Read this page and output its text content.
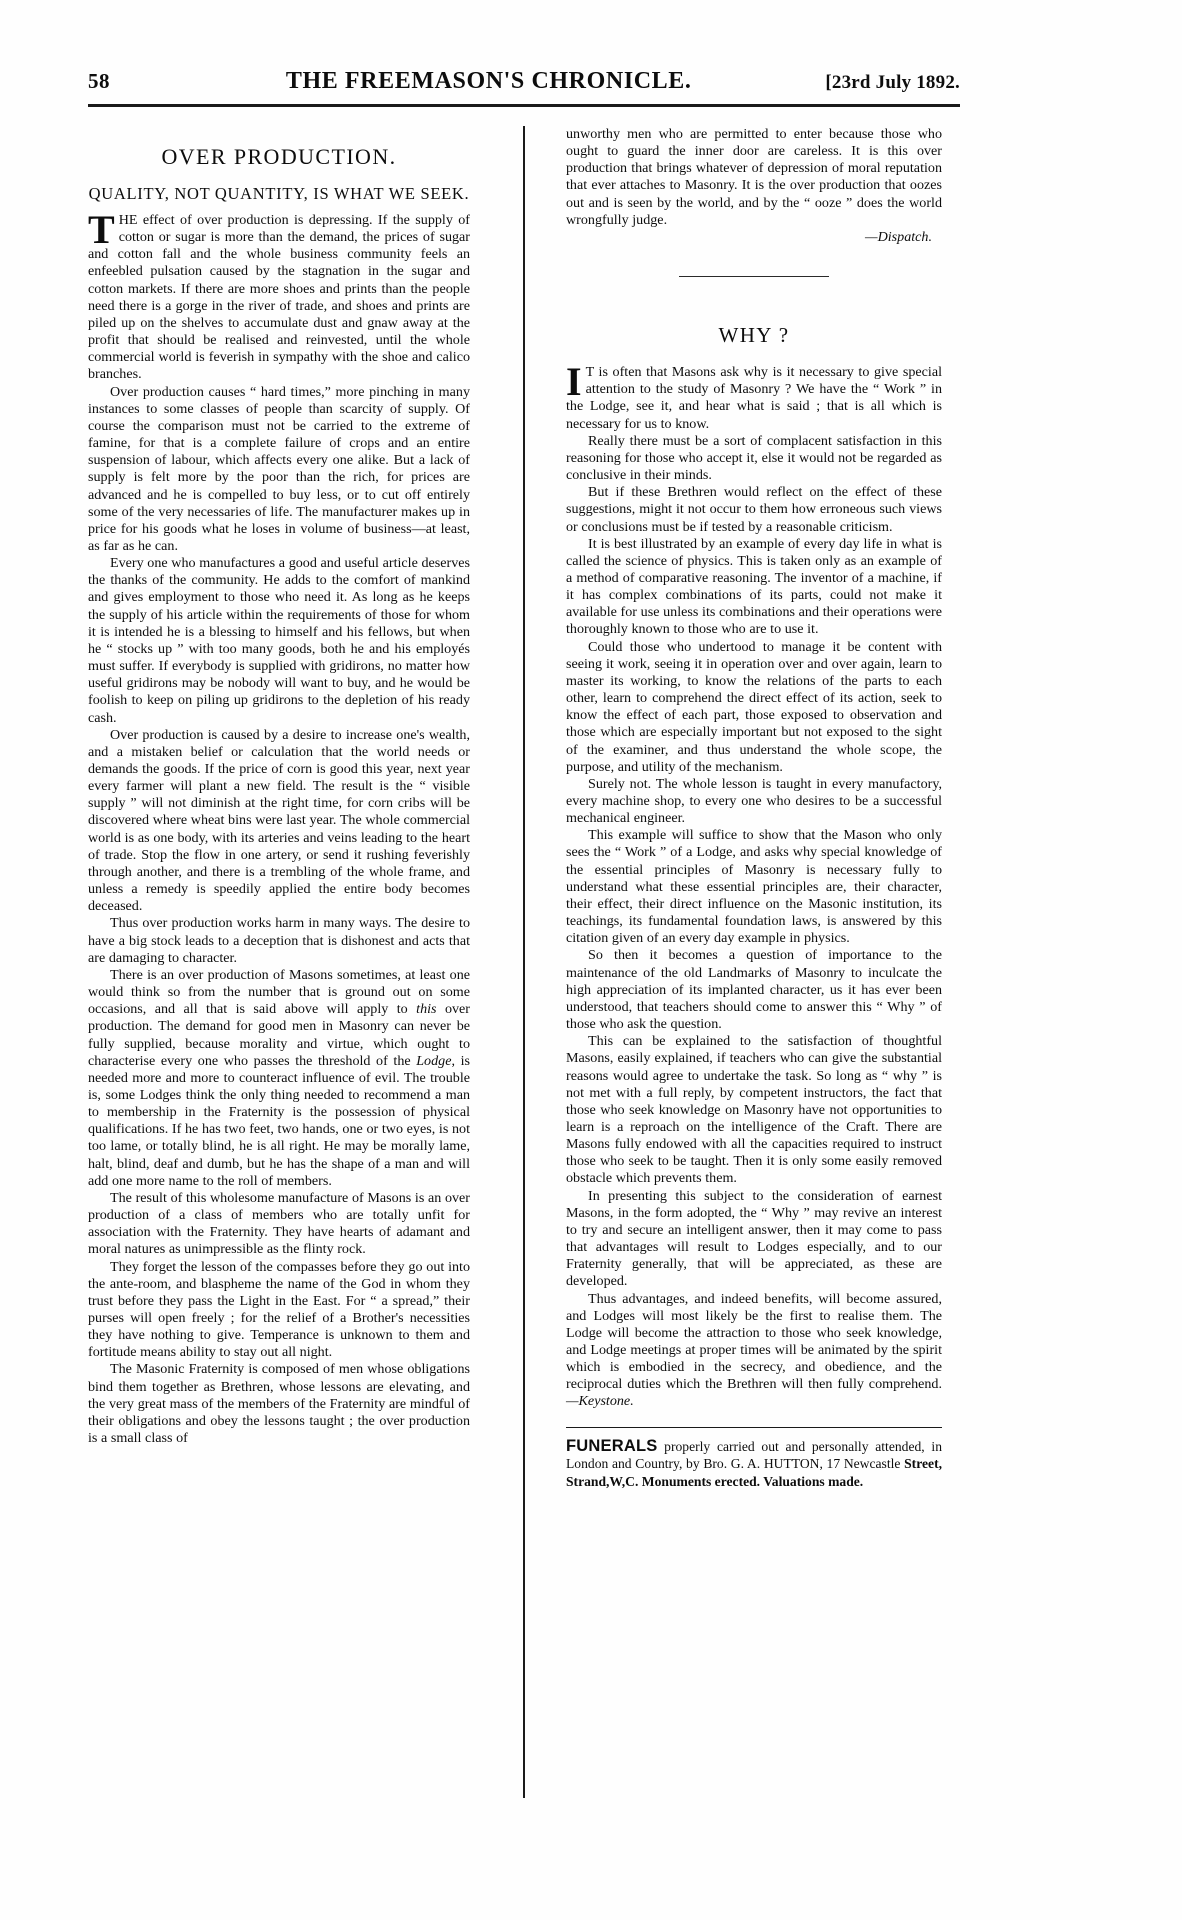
58	THE FREEMASON'S CHRONICLE.	[23rd July 1892.
OVER PRODUCTION.
QUALITY, NOT QUANTITY, IS WHAT WE SEEK.

THE effect of over production is depressing. If the supply of cotton or sugar is more than the demand, the prices of sugar and cotton fall and the whole business community feels an enfeebled pulsation caused by the stagnation in the sugar and cotton markets. If there are more shoes and prints than the people need there is a gorge in the river of trade, and shoes and prints are piled up on the shelves to accumulate dust and gnaw away at the profit that should be realised and reinvested, until the whole commercial world is feverish in sympathy with the shoe and calico branches.

Over production causes “ hard times,” more pinching in many instances to some classes of people than scarcity of supply. Of course the comparison must not be carried to the extreme of famine, for that is a complete failure of crops and an entire suspension of labour, which affects every one alike. But a lack of supply is felt more by the poor than the rich, for prices are advanced and he is compelled to buy less, or to cut off entirely some of the very necessaries of life. The manufacturer makes up in price for his goods what he loses in volume of business—at least, as far as he can.

Every one who manufactures a good and useful article deserves the thanks of the community. He adds to the comfort of mankind and gives employment to those who need it. As long as he keeps the supply of his article within the requirements of those for whom it is intended he is a blessing to himself and his fellows, but when he “ stocks up ” with too many goods, both he and his employés must suffer. If everybody is supplied with gridirons, no matter how useful gridirons may be nobody will want to buy, and he would be foolish to keep on piling up gridirons to the depletion of his ready cash.

Over production is caused by a desire to increase one's wealth, and a mistaken belief or calculation that the world needs or demands the goods. If the price of corn is good this year, next year every farmer will plant a new field. The result is the “ visible supply ” will not diminish at the right time, for corn cribs will be discovered where wheat bins were last year. The whole commercial world is as one body, with its arteries and veins leading to the heart of trade. Stop the flow in one artery, or send it rushing feverishly through another, and there is a trembling of the whole frame, and unless a remedy is speedily applied the entire body becomes deceased.

Thus over production works harm in many ways. The desire to have a big stock leads to a deception that is dishonest and acts that are damaging to character.

There is an over production of Masons sometimes, at least one would think so from the number that is ground out on some occasions, and all that is said above will apply to this over production. The demand for good men in Masonry can never be fully supplied, because morality and virtue, which ought to characterise every one who passes the threshold of the Lodge, is needed more and more to counteract influence of evil. The trouble is, some Lodges think the only thing needed to recommend a man to membership in the Fraternity is the possession of physical qualifications. If he has two feet, two hands, one or two eyes, is not too lame, or totally blind, he is all right. He may be morally lame, halt, blind, deaf and dumb, but he has the shape of a man and will add one more name to the roll of members.

The result of this wholesome manufacture of Masons is an over production of a class of members who are totally unfit for association with the Fraternity. They have hearts of adamant and moral natures as unimpressible as the flinty rock.

They forget the lesson of the compasses before they go out into the ante-room, and blaspheme the name of the God in whom they trust before they pass the Light in the East. For “ a spread,” their purses will open freely ; for the relief of a Brother's necessities they have nothing to give. Temperance is unknown to them and fortitude means ability to stay out all night.

The Masonic Fraternity is composed of men whose obligations bind them together as Brethren, whose lessons are elevating, and the very great mass of the members of the Fraternity are mindful of their obligations and obey the lessons taught ; the over production is a small class of

unworthy men who are permitted to enter because those who ought to guard the inner door are careless. It is this over production that brings whatever of depression of moral reputation that ever attaches to Masonry. It is the over production that oozes out and is seen by the world, and by the “ ooze ” does the world wrongfully judge.

—Dispatch.

WHY ?

I T is often that Masons ask why is it necessary to give special attention to the study of Masonry ? We have the “ Work ” in the Lodge, see it, and hear what is said ; that is all which is necessary for us to know.

Really there must be a sort of complacent satisfaction in this reasoning for those who accept it, else it would not be regarded as conclusive in their minds.

But if these Brethren would reflect on the effect of these suggestions, might it not occur to them how erroneous such views or conclusions must be if tested by a reasonable criticism.

It is best illustrated by an example of every day life in what is called the science of physics. This is taken only as an example of a method of comparative reasoning. The inventor of a machine, if it has complex combinations of its parts, could not make it available for use unless its combinations and their operations were thoroughly known to those who are to use it.

Could those who undertood to manage it be content with seeing it work, seeing it in operation over and over again, learn to master its working, to know the relations of the parts to each other, learn to comprehend the direct effect of its action, seek to know the effect of each part, those exposed to observation and those which are especially important but not exposed to the sight of the examiner, and thus understand the whole scope, the purpose, and utility of the mechanism.

Surely not. The whole lesson is taught in every manufactory, every machine shop, to every one who desires to be a successful mechanical engineer.

This example will suffice to show that the Mason who only sees the “ Work ” of a Lodge, and asks why special knowledge of the essential principles of Masonry is necessary fully to understand what these essential principles are, their character, their effect, their direct influence on the Masonic institution, its teachings, its fundamental foundation laws, is answered by this citation given of an every day example in physics.

So then it becomes a question of importance to the maintenance of the old Landmarks of Masonry to inculcate the high appreciation of its implanted character, us it has ever been understood, that teachers should come to answer this “ Why ” of those who ask the question.

This can be explained to the satisfaction of thoughtful Masons, easily explained, if teachers who can give the substantial reasons would agree to undertake the task. So long as “ why ” is not met with a full reply, by competent instructors, the fact that those who seek knowledge on Masonry have not opportunities to learn is a reproach on the intelligence of the Craft. There are Masons fully endowed with all the capacities required to instruct those who seek to be taught. Then it is only some easily removed obstacle which prevents them.

In presenting this subject to the consideration of earnest Masons, in the form adopted, the “ Why ” may revive an interest to try and secure an intelligent answer, then it may come to pass that advantages will result to Lodges especially, and to our Fraternity generally, that will be appreciated, as these are developed.

Thus advantages, and indeed benefits, will become assured, and Lodges will most likely be the first to realise them. The Lodge will become the attraction to those who seek knowledge, and Lodge meetings at proper times will be animated by the spirit which is embodied in the secrecy, and obedience, and the reciprocal duties which the Brethren will then fully comprehend.—Keystone.

FUNERALS properly carried out and personally attended, in London and Country, by Bro. G. A. HUTTON, 17 Newcastle Street, Strand,W,C. Monuments erected. Valuations made.
